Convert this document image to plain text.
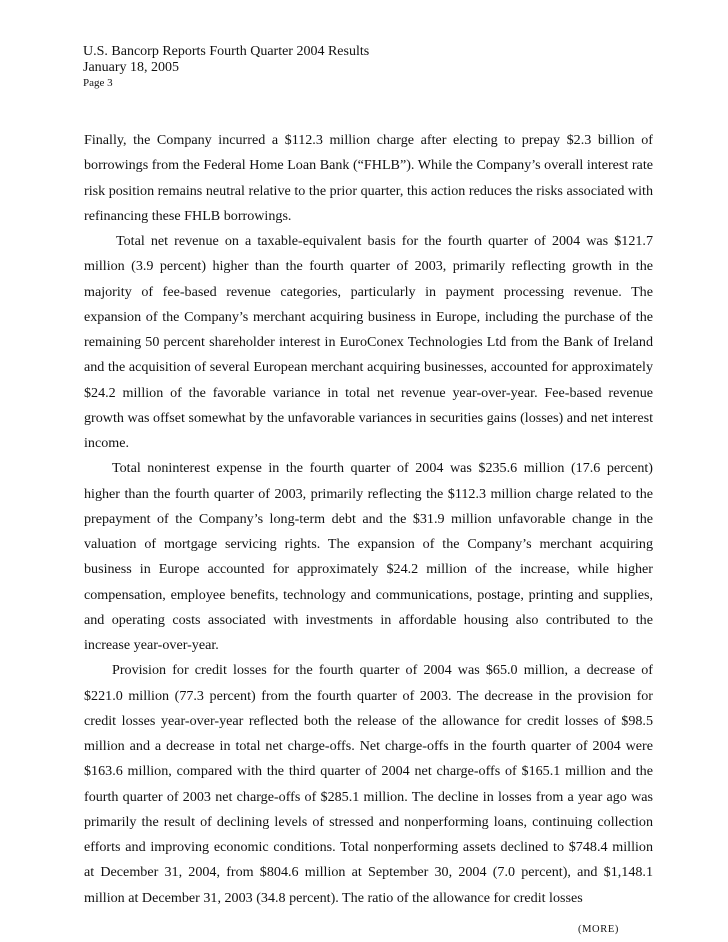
U.S. Bancorp Reports Fourth Quarter 2004 Results
January 18, 2005
Page 3

Finally, the Company incurred a $112.3 million charge after electing to prepay $2.3 billion of borrowings from the Federal Home Loan Bank (“FHLB”). While the Company’s overall interest rate risk position remains neutral relative to the prior quarter, this action reduces the risks associated with refinancing these FHLB borrowings.

Total net revenue on a taxable-equivalent basis for the fourth quarter of 2004 was $121.7 million (3.9 percent) higher than the fourth quarter of 2003, primarily reflecting growth in the majority of fee-based revenue categories, particularly in payment processing revenue. The expansion of the Company’s merchant acquiring business in Europe, including the purchase of the remaining 50 percent shareholder interest in EuroConex Technologies Ltd from the Bank of Ireland and the acquisition of several European merchant acquiring businesses, accounted for approximately $24.2 million of the favorable variance in total net revenue year-over-year. Fee-based revenue growth was offset somewhat by the unfavorable variances in securities gains (losses) and net interest income.

Total noninterest expense in the fourth quarter of 2004 was $235.6 million (17.6 percent) higher than the fourth quarter of 2003, primarily reflecting the $112.3 million charge related to the prepayment of the Company’s long-term debt and the $31.9 million unfavorable change in the valuation of mortgage servicing rights. The expansion of the Company’s merchant acquiring business in Europe accounted for approximately $24.2 million of the increase, while higher compensation, employee benefits, technology and communications, postage, printing and supplies, and operating costs associated with investments in affordable housing also contributed to the increase year-over-year.

Provision for credit losses for the fourth quarter of 2004 was $65.0 million, a decrease of $221.0 million (77.3 percent) from the fourth quarter of 2003. The decrease in the provision for credit losses year-over-year reflected both the release of the allowance for credit losses of $98.5 million and a decrease in total net charge-offs. Net charge-offs in the fourth quarter of 2004 were $163.6 million, compared with the third quarter of 2004 net charge-offs of $165.1 million and the fourth quarter of 2003 net charge-offs of $285.1 million. The decline in losses from a year ago was primarily the result of declining levels of stressed and nonperforming loans, continuing collection efforts and improving economic conditions. Total nonperforming assets declined to $748.4 million at December 31, 2004, from $804.6 million at September 30, 2004 (7.0 percent), and $1,148.1 million at December 31, 2003 (34.8 percent). The ratio of the allowance for credit losses

(MORE)
